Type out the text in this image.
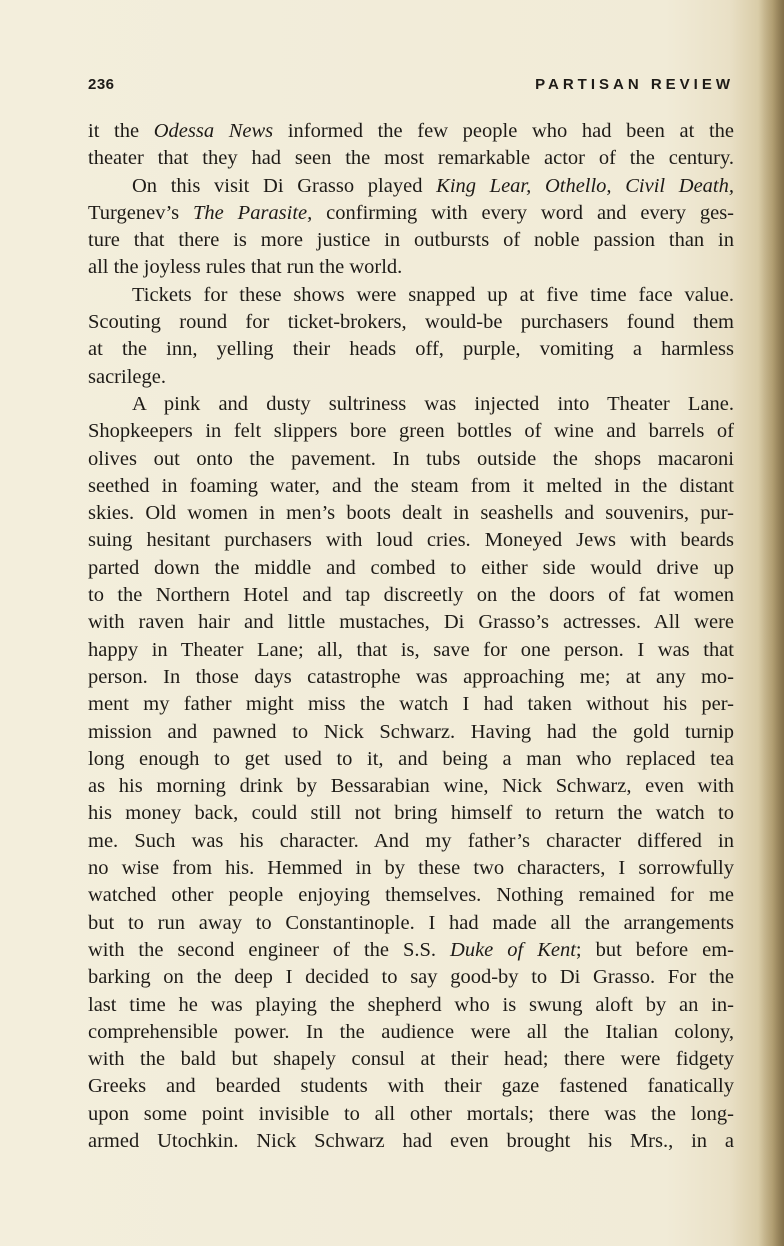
236	PARTISAN REVIEW
it the Odessa News informed the few people who had been at the
theater that they had seen the most remarkable actor of the century.
On this visit Di Grasso played King Lear, Othello, Civil Death,
Turgenev’s The Parasite, confirming with every word and every ges-
ture that there is more justice in outbursts of noble passion than in
all the joyless rules that run the world.
Tickets for these shows were snapped up at five time face value.
Scouting round for ticket-brokers, would-be purchasers found them
at the inn, yelling their heads off, purple, vomiting a harmless
sacrilege.
A pink and dusty sultriness was injected into Theater Lane.
Shopkeepers in felt slippers bore green bottles of wine and barrels of
olives out onto the pavement. In tubs outside the shops macaroni
seethed in foaming water, and the steam from it melted in the distant
skies. Old women in men’s boots dealt in seashells and souvenirs, pur-
suing hesitant purchasers with loud cries. Moneyed Jews with beards
parted down the middle and combed to either side would drive up
to the Northern Hotel and tap discreetly on the doors of fat women
with raven hair and little mustaches, Di Grasso’s actresses. All were
happy in Theater Lane; all, that is, save for one person. I was that
person. In those days catastrophe was approaching me; at any mo-
ment my father might miss the watch I had taken without his per-
mission and pawned to Nick Schwarz. Having had the gold turnip
long enough to get used to it, and being a man who replaced tea
as his morning drink by Bessarabian wine, Nick Schwarz, even with
his money back, could still not bring himself to return the watch to
me. Such was his character. And my father’s character differed in
no wise from his. Hemmed in by these two characters, I sorrowfully
watched other people enjoying themselves. Nothing remained for me
but to run away to Constantinople. I had made all the arrangements
with the second engineer of the S.S. Duke of Kent; but before em-
barking on the deep I decided to say good-by to Di Grasso. For the
last time he was playing the shepherd who is swung aloft by an in-
comprehensible power. In the audience were all the Italian colony,
with the bald but shapely consul at their head; there were fidgety
Greeks and bearded students with their gaze fastened fanatically
upon some point invisible to all other mortals; there was the long-
armed Utochkin. Nick Schwarz had even brought his Mrs., in a
